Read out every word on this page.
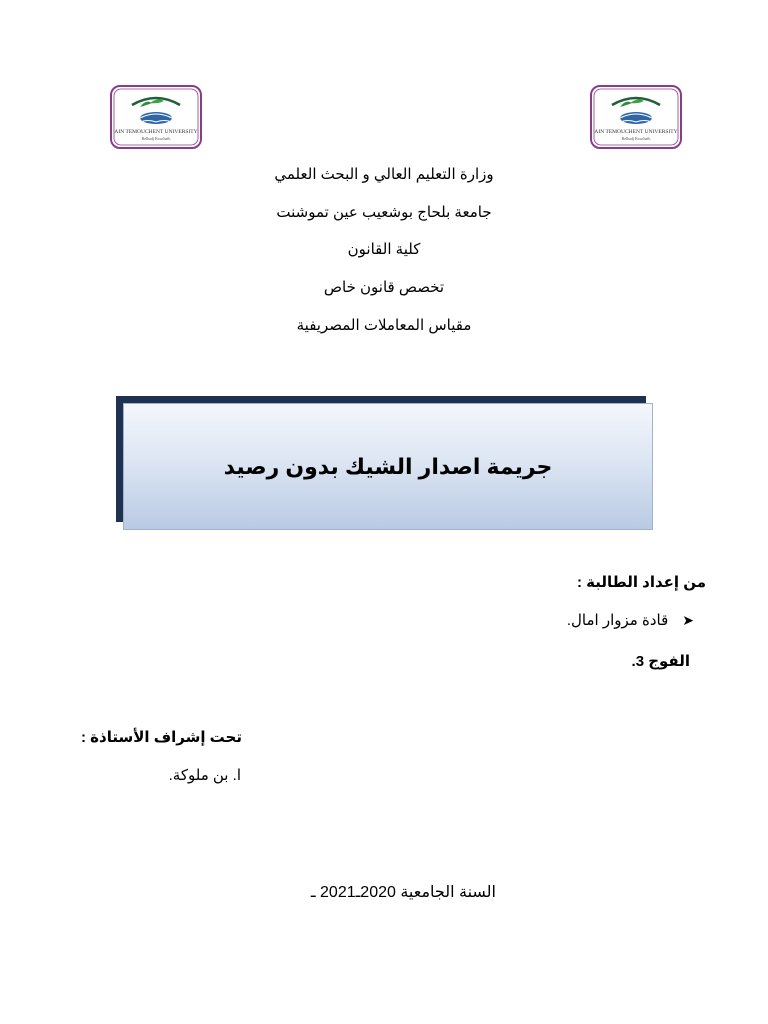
AIN TEMOUCHENT UNIVERSITY
Belhadj Bouchaib
AIN TEMOUCHENT UNIVERSITY
Belhadj Bouchaib
وزارة التعليم العالي و البحث العلمي
جامعة بلحاج بوشعيب عين تموشنت
كلية القانون
تخصص قانون خاص
مقياس المعاملات المصريفية
جريمة اصدار الشيك بدون رصيد
من إعداد الطالبة :
➤
قادة مزوار امال.
الفوج 3.
تحت إشراف الأستاذة :
ا. بن ملوكة.
السنة الجامعية 2020ـ2021 ـ
